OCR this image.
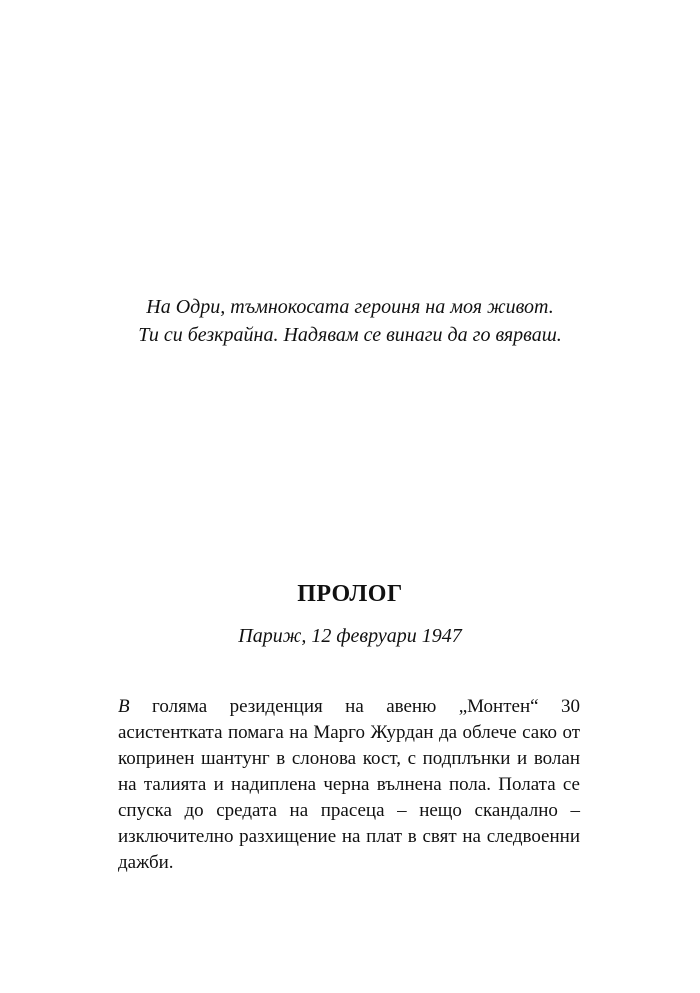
На Одри, тъмнокосата героиня на моя живот.

Ти си безкрайна. Надявам се винаги да го вярваш.

ПРОЛОГ

Париж, 12 февруари 1947

В голяма резиденция на авеню „Монтен“ 30 асистентката помага на Марго Журдан да облече сако от копринен шантунг в слонова кост, с подплънки и волан на талията и надиплена черна вълнена пола. Полата се спуска до средата на прасеца – нещо скандално – изключително разхищение на плат в свят на следвоенни дажби.
